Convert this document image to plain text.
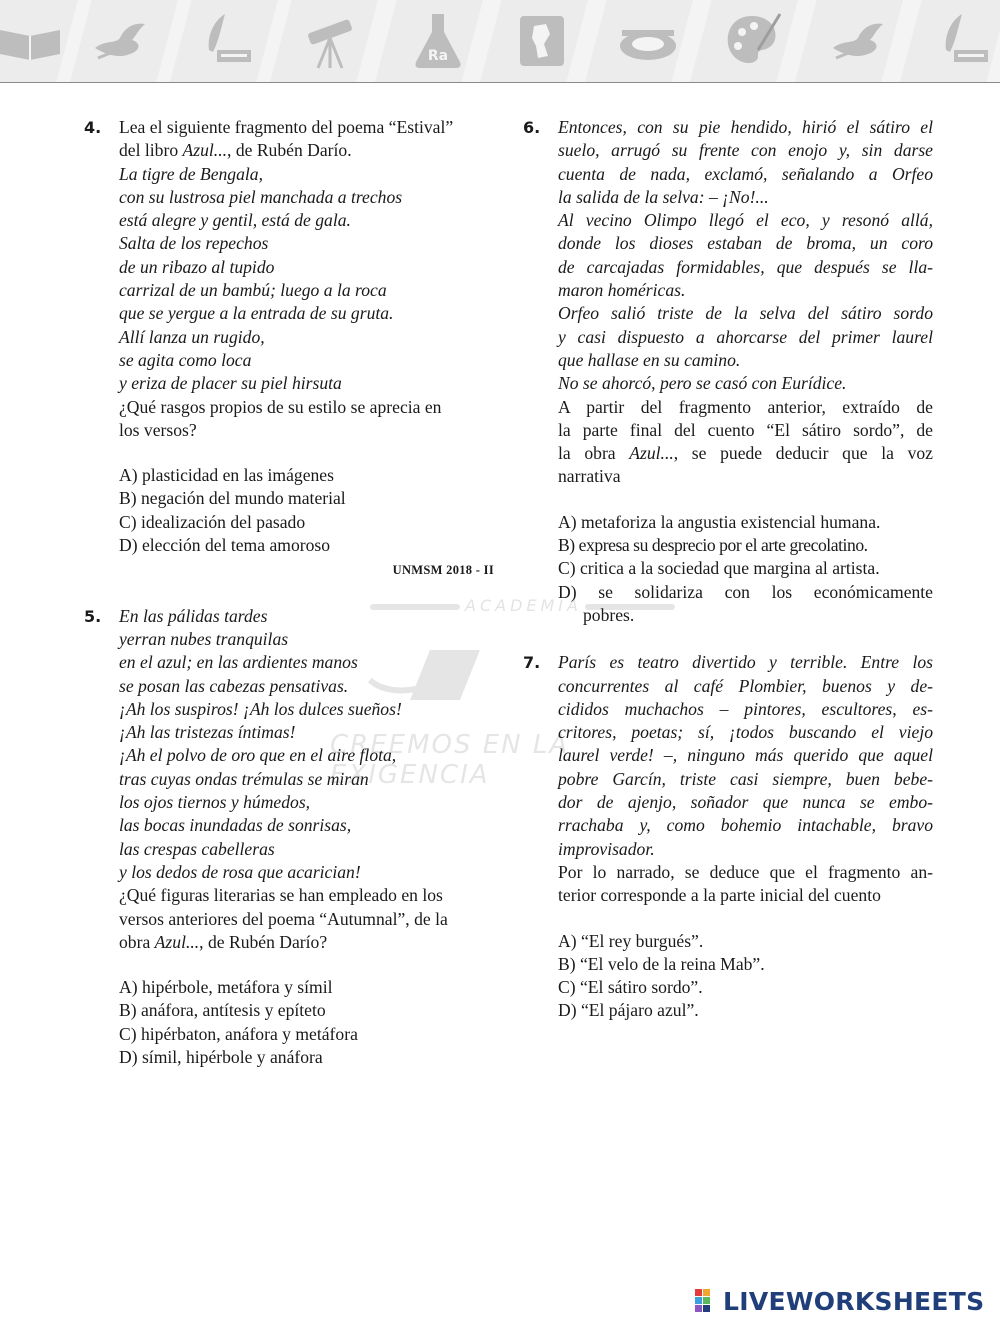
Ra
ACADEMIA
CREEMOS EN LA EXIGENCIA
4. Lea el siguiente fragmento del poema “Estival”
del libro Azul..., de Rubén Darío.
La tigre de Bengala,
con su lustrosa piel manchada a trechos
está alegre y gentil, está de gala.
Salta de los repechos
de un ribazo al tupido
carrizal de un bambú; luego a la roca
que se yergue a la entrada de su gruta.
Allí lanza un rugido,
se agita como loca
y eriza de placer su piel hirsuta
¿Qué rasgos propios de su estilo se aprecia en
los versos?
A) plasticidad en las imágenes
B) negación del mundo material
C) idealización del pasado
D) elección del tema amoroso
UNMSM 2018 - II
5. En las pálidas tardes
yerran nubes tranquilas
en el azul; en las ardientes manos
se posan las cabezas pensativas.
¡Ah los suspiros! ¡Ah los dulces sueños!
¡Ah las tristezas íntimas!
¡Ah el polvo de oro que en el aire flota,
tras cuyas ondas trémulas se miran
los ojos tiernos y húmedos,
las bocas inundadas de sonrisas,
las crespas cabelleras
y los dedos de rosa que acarician!
¿Qué figuras literarias se han empleado en los
versos anteriores del poema “Autumnal”, de la
obra Azul..., de Rubén Darío?
A) hipérbole, metáfora y símil
B) anáfora, antítesis y epíteto
C) hipérbaton, anáfora y metáfora
D) símil, hipérbole y anáfora
6. Entonces, con su pie hendido, hirió el sátiro el
suelo, arrugó su frente con enojo y, sin darse
cuenta de nada, exclamó, señalando a Orfeo
la salida de la selva: – ¡No!...
Al vecino Olimpo llegó el eco, y resonó allá,
donde los dioses estaban de broma, un coro
de carcajadas formidables, que después se lla-
maron homéricas.
Orfeo salió triste de la selva del sátiro sordo
y casi dispuesto a ahorcarse del primer laurel
que hallase en su camino.
No se ahorcó, pero se casó con Eurídice.
A partir del fragmento anterior, extraído de
la parte final del cuento “El sátiro sordo”, de
la obra Azul..., se puede deducir que la voz
narrativa
A) metaforiza la angustia existencial humana.
B) expresa su desprecio por el arte grecolatino.
C) critica a la sociedad que margina al artista.
D) se solidariza con los económicamente
pobres.
7. París es teatro divertido y terrible. Entre los
concurrentes al café Plombier, buenos y de-
cididos muchachos – pintores, escultores, es-
critores, poetas; sí, ¡todos buscando el viejo
laurel verde! –, ninguno más querido que aquel
pobre Garcín, triste casi siempre, buen bebe-
dor de ajenjo, soñador que nunca se embo-
rrachaba y, como bohemio intachable, bravo
improvisador.
Por lo narrado, se deduce que el fragmento an-
terior corresponde a la parte inicial del cuento
A) “El rey burgués”.
B) “El velo de la reina Mab”.
C) “El sátiro sordo”.
D) “El pájaro azul”.
LIVEWORKSHEETS
